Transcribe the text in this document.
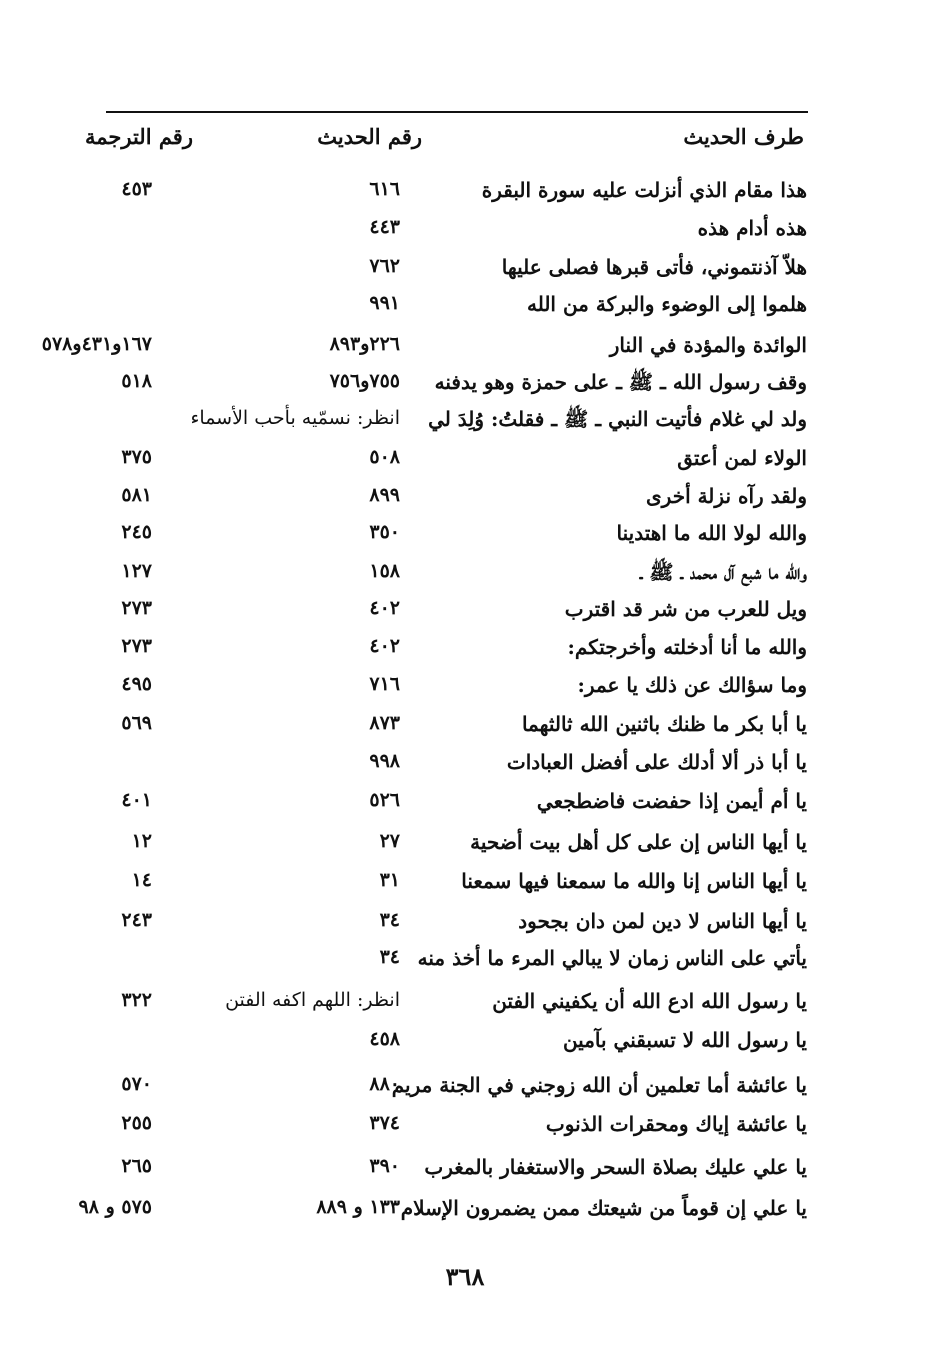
طرف الحديث
رقم الحديث
رقم الترجمة
هذا مقام الذي أنزلت عليه سورة البقرة
٦١٦
٤٥٣
هذه أدام هذه
٤٤٣
هلاّ آذنتموني، فأتى قبرها فصلى عليها
٧٦٢
هلموا إلى الوضوء والبركة من الله
٩٩١
الوائدة والمؤدة في النار
٢٢٦و٨٩٣
١٦٧و٤٣١و٥٧٨
وقف رسول الله ـ ﷺ ـ على حمزة وهو يدفنه
٧٥٥و٧٥٦
٥١٨
ولد لي غلام فأتيت النبي ـ ﷺ ـ فقلتُ: وُلِدَ لي
انظر: نسمّيه بأحب الأسماء
الولاء لمن أعتق
٥٠٨
٣٧٥
ولقد رآه نزلة أخرى
٨٩٩
٥٨١
والله لولا الله ما اهتدينا
٣٥٠
٢٤٥
والله ما شبع آل محمد ـ ﷺ ـ
١٥٨
١٢٧
ويل للعرب من شر قد اقترب
٤٠٢
٢٧٣
والله ما أنا أدخلته وأخرجتكم:
٤٠٢
٢٧٣
وما سؤالك عن ذلك يا عمر:
٧١٦
٤٩٥
يا أبا بكر ما ظنك باثنين الله ثالثهما
٨٧٣
٥٦٩
يا أبا ذر ألا أدلك على أفضل العبادات
٩٩٨
يا أم أيمن إذا حفضت فاضطجعي
٥٢٦
٤٠١
يا أيها الناس إن على كل أهل بيت أضحية
٢٧
١٢
يا أيها الناس إنا والله ما سمعنا فيها سمعنا
٣١
١٤
يا أيها الناس لا دين لمن دان بجحود
٣٤
٢٤٣
يأتي على الناس زمان لا يبالي المرء ما أخذ منه
٣٤
يا رسول الله ادع الله أن يكفيني الفتن
انظر: اللهم اكفه الفتن
٣٢٢
يا رسول الله لا تسبقني بآمين
٤٥٨
يا عائشة أما تعلمين أن الله زوجني في الجنة مريم
٨٨٠
٥٧٠
يا عائشة إياك ومحقرات الذنوب
٣٧٤
٢٥٥
يا علي عليك بصلاة السحر والاستغفار بالمغرب
٣٩٠
٢٦٥
يا علي إن قوماً من شيعتك ممن يضمرون الإسلام
١٣٣ و ٨٨٩
٥٧٥ و ٩٨
٣٦٨
